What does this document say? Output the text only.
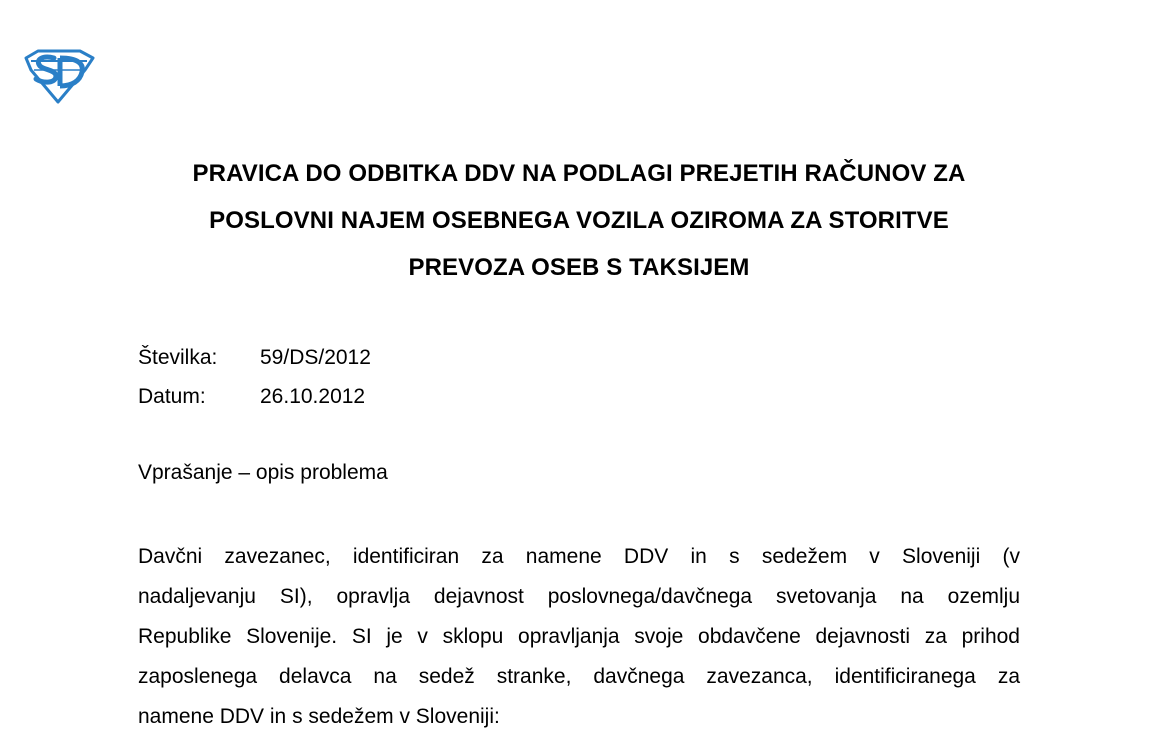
PRAVICA DO ODBITKA DDV NA PODLAGI PREJETIH RAČUNOV ZA
POSLOVNI NAJEM OSEBNEGA VOZILA OZIROMA ZA STORITVE
PREVOZA OSEB S TAKSIJEM
Številka:	59/DS/2012
Datum:	26.10.2012
Vprašanje – opis problema
Davčni zavezanec, identificiran za namene DDV in s sedežem v Sloveniji (v
nadaljevanju SI), opravlja dejavnost poslovnega/davčnega svetovanja na ozemlju
Republike Slovenije. SI je v sklopu opravljanja svoje obdavčene dejavnosti za prihod
zaposlenega delavca na sedež stranke, davčnega zavezanca, identificiranega za
namene DDV in s sedežem v Sloveniji:
